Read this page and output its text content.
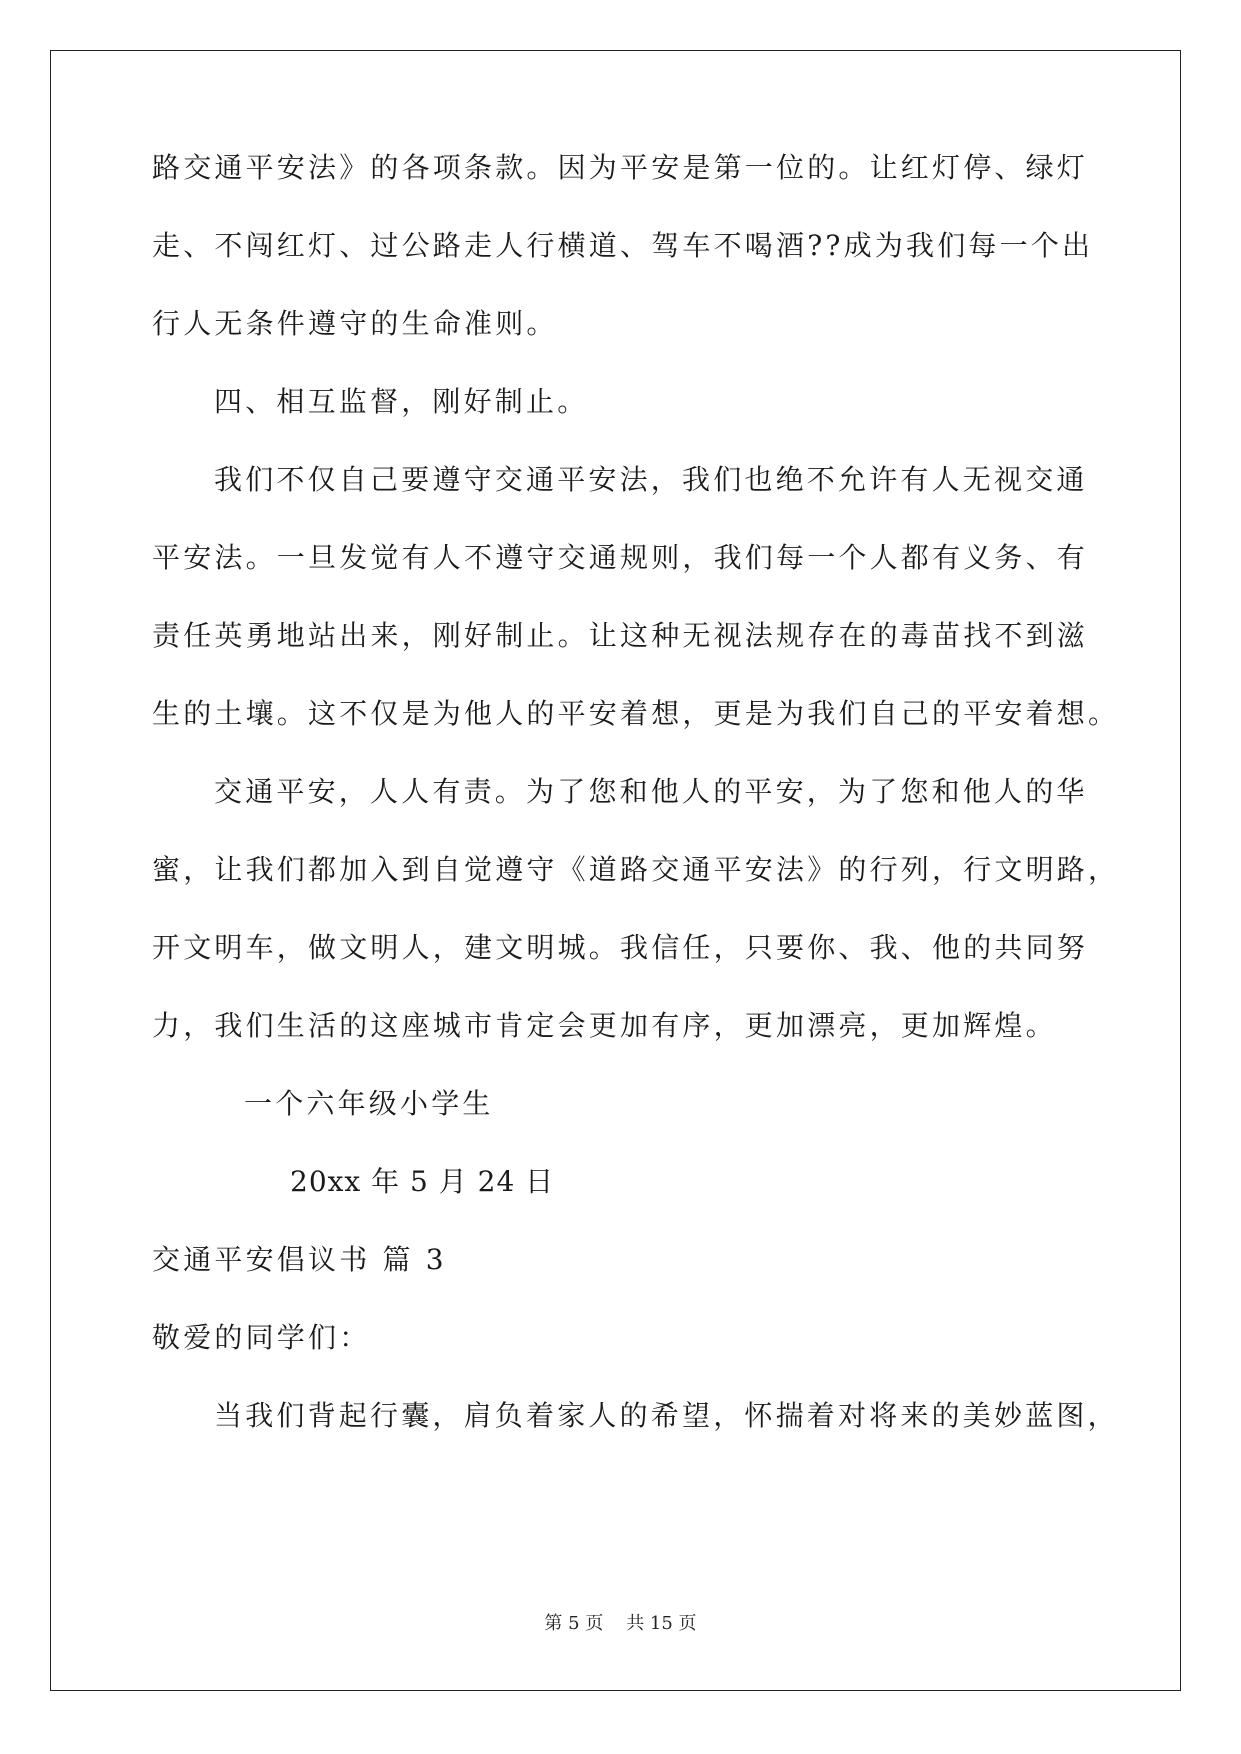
路交通平安法》的各项条款。因为平安是第一位的。让红灯停、绿灯
走、不闯红灯、过公路走人行横道、驾车不喝酒??成为我们每一个出
行人无条件遵守的生命准则。
四、相互监督，刚好制止。
我们不仅自己要遵守交通平安法，我们也绝不允许有人无视交通
平安法。一旦发觉有人不遵守交通规则，我们每一个人都有义务、有
责任英勇地站出来，刚好制止。让这种无视法规存在的毒苗找不到滋
生的土壤。这不仅是为他人的平安着想，更是为我们自己的平安着想。
交通平安，人人有责。为了您和他人的平安，为了您和他人的华
蜜，让我们都加入到自觉遵守《道路交通平安法》的行列，行文明路，
开文明车，做文明人，建文明城。我信任，只要你、我、他的共同努
力，我们生活的这座城市肯定会更加有序，更加漂亮，更加辉煌。
一个六年级小学生
20xx 年 5 月 24 日
交通平安倡议书 篇 3
敬爱的同学们：
当我们背起行囊，肩负着家人的希望，怀揣着对将来的美妙蓝图，
第 5 页    共 15 页
